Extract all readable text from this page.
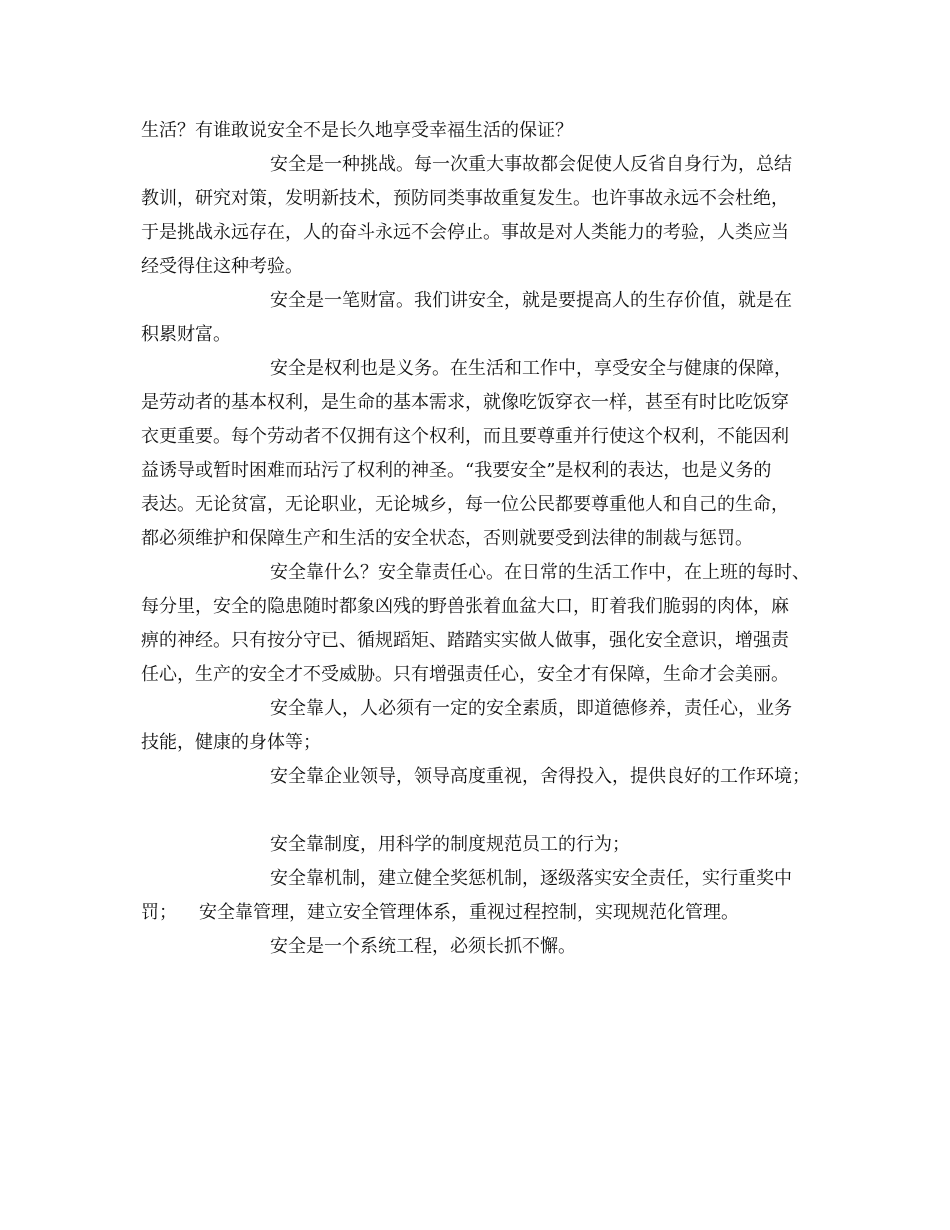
生活？有谁敢说安全不是长久地享受幸福生活的保证？
安全是一种挑战。每一次重大事故都会促使人反省自身行为，总结
教训，研究对策，发明新技术，预防同类事故重复发生。也许事故永远不会杜绝，
于是挑战永远存在，人的奋斗永远不会停止。事故是对人类能力的考验，人类应当
经受得住这种考验。
安全是一笔财富。我们讲安全，就是要提高人的生存价值，就是在
积累财富。
安全是权利也是义务。在生活和工作中，享受安全与健康的保障，
是劳动者的基本权利，是生命的基本需求，就像吃饭穿衣一样，甚至有时比吃饭穿
衣更重要。每个劳动者不仅拥有这个权利，而且要尊重并行使这个权利，不能因利
益诱导或暂时困难而玷污了权利的神圣。“我要安全”是权利的表达，也是义务的
表达。无论贫富，无论职业，无论城乡，每一位公民都要尊重他人和自己的生命，
都必须维护和保障生产和生活的安全状态，否则就要受到法律的制裁与惩罚。
安全靠什么？安全靠责任心。在日常的生活工作中，在上班的每时、
每分里，安全的隐患随时都象凶残的野兽张着血盆大口，盯着我们脆弱的肉体，麻
痹的神经。只有按分守已、循规蹈矩、踏踏实实做人做事，强化安全意识，增强责
任心，生产的安全才不受威胁。只有增强责任心，安全才有保障，生命才会美丽。
安全靠人，人必须有一定的安全素质，即道德修养，责任心，业务
技能，健康的身体等；
安全靠企业领导，领导高度重视，舍得投入，提供良好的工作环境；
安全靠制度，用科学的制度规范员工的行为；
安全靠机制，建立健全奖惩机制，逐级落实安全责任，实行重奖中
罚； 安全靠管理，建立安全管理体系，重视过程控制，实现规范化管理。
安全是一个系统工程，必须长抓不懈。
